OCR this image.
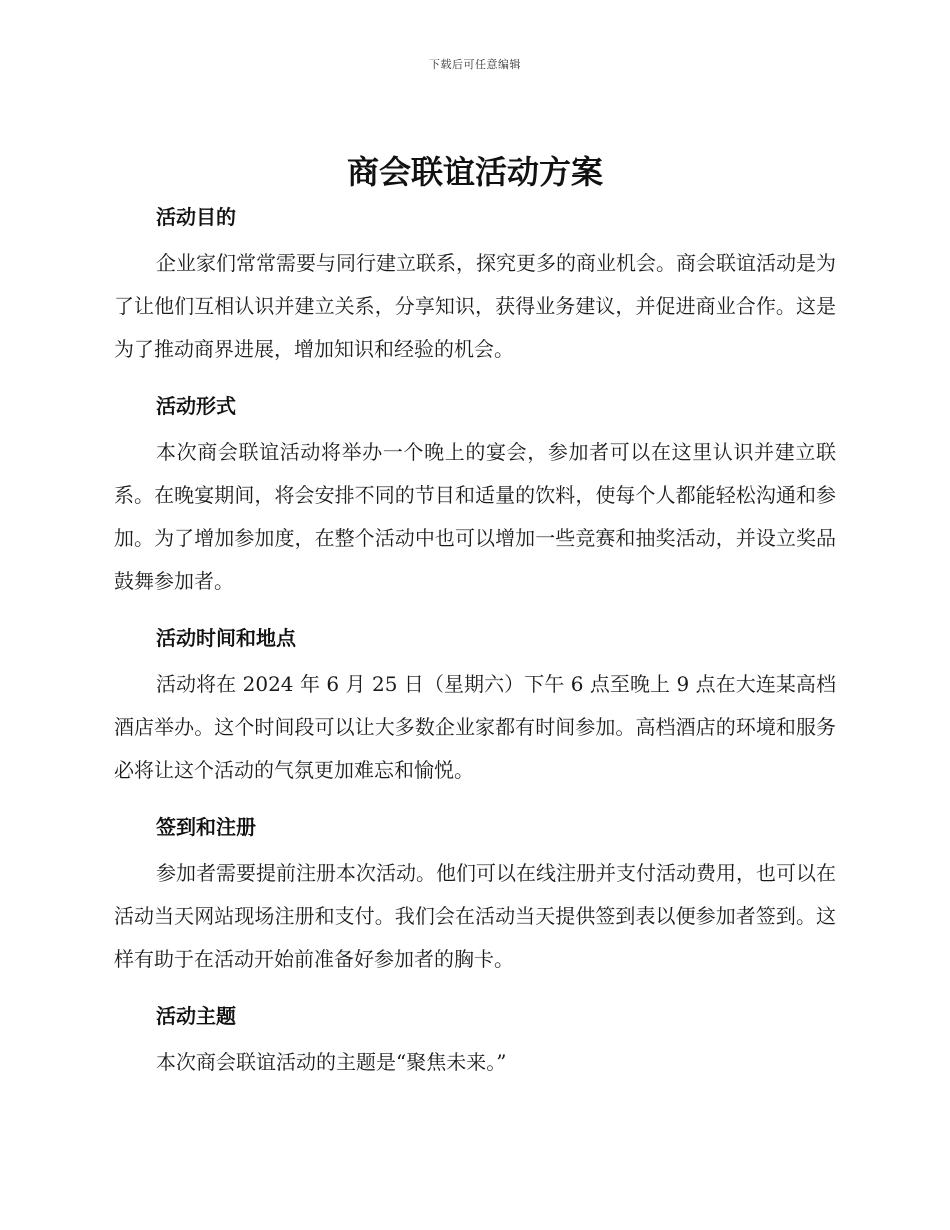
下载后可任意编辑
商会联谊活动方案
活动目的

企业家们常常需要与同行建立联系，探究更多的商业机会。商会联谊活动是为了让他们互相认识并建立关系，分享知识，获得业务建议，并促进商业合作。这是为了推动商界进展，增加知识和经验的机会。

活动形式

本次商会联谊活动将举办一个晚上的宴会，参加者可以在这里认识并建立联系。在晚宴期间，将会安排不同的节目和适量的饮料，使每个人都能轻松沟通和参加。为了增加参加度，在整个活动中也可以增加一些竞赛和抽奖活动，并设立奖品鼓舞参加者。

活动时间和地点

活动将在 2024 年 6 月 25 日（星期六）下午 6 点至晚上 9 点在大连某高档酒店举办。这个时间段可以让大多数企业家都有时间参加。高档酒店的环境和服务必将让这个活动的气氛更加难忘和愉悦。

签到和注册

参加者需要提前注册本次活动。他们可以在线注册并支付活动费用，也可以在活动当天网站现场注册和支付。我们会在活动当天提供签到表以便参加者签到。这样有助于在活动开始前准备好参加者的胸卡。

活动主题

本次商会联谊活动的主题是“聚焦未来。”
